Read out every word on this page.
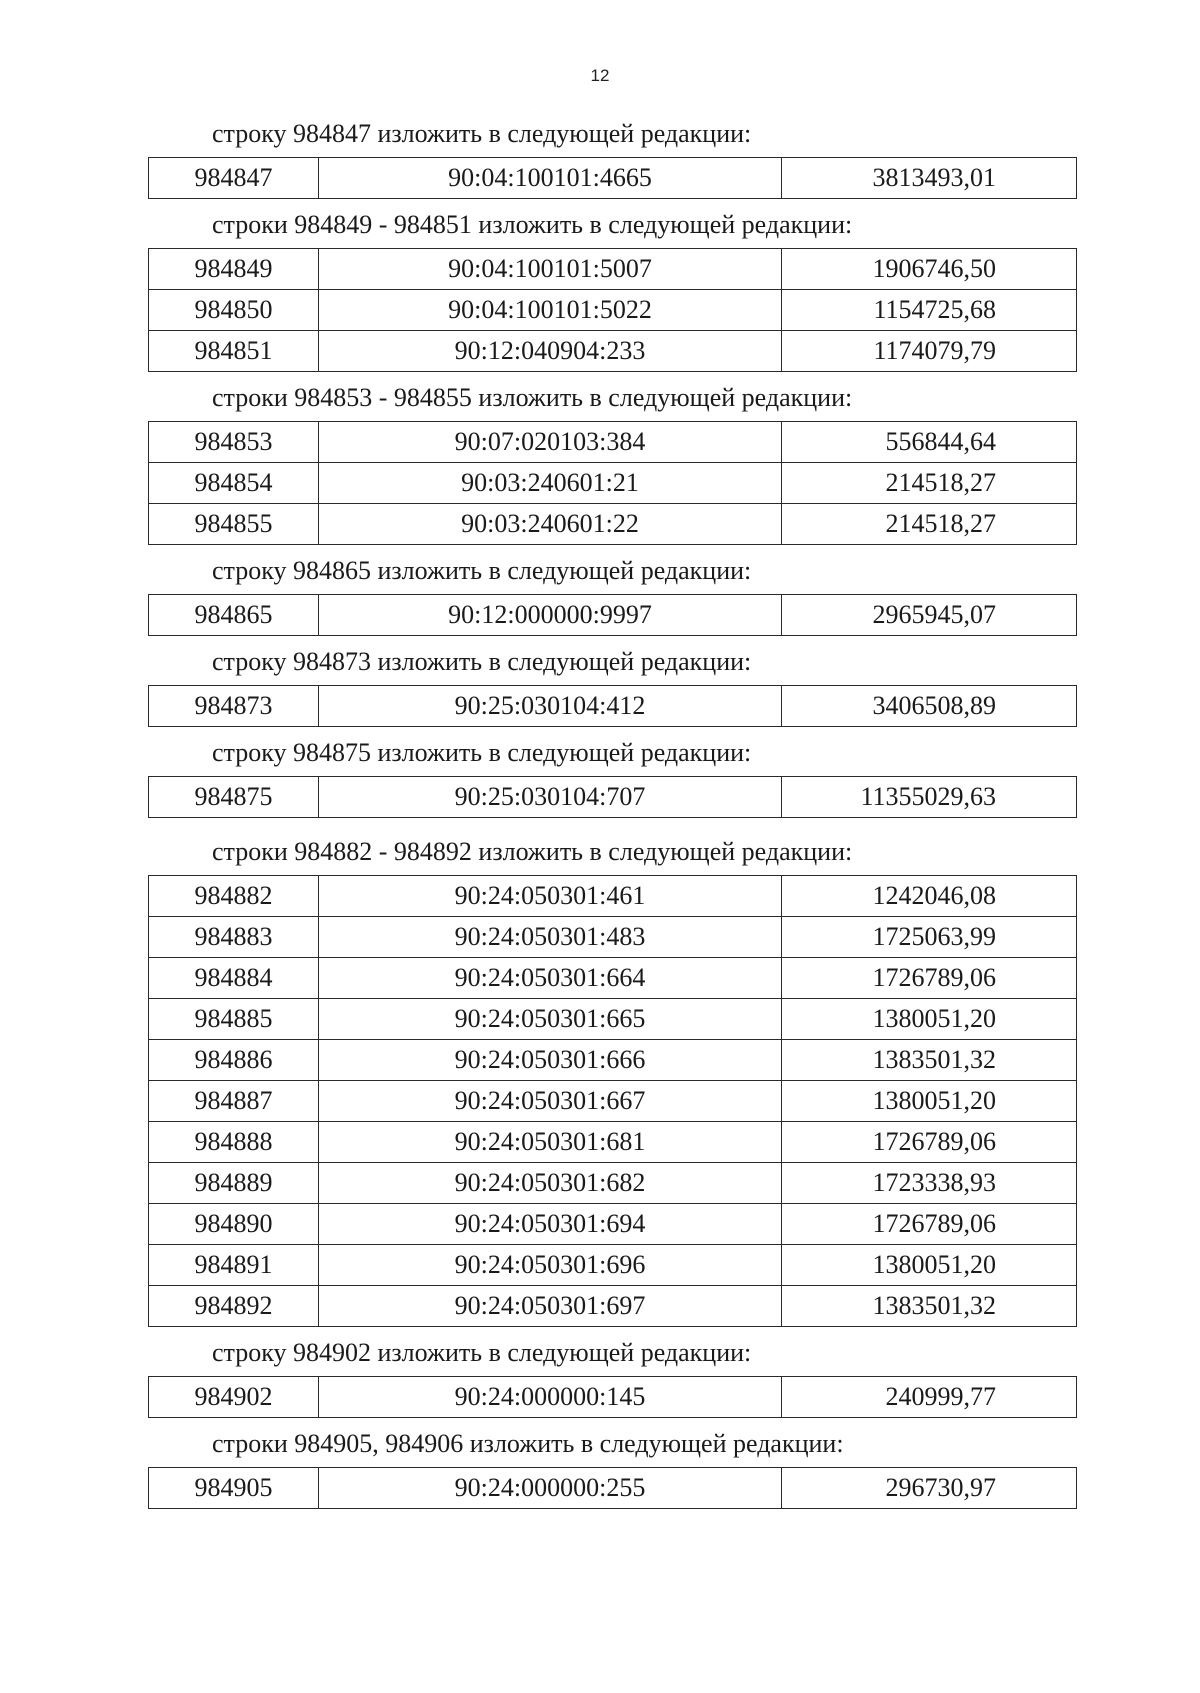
12

строку 984847 изложить в следующей редакции:

984847	90:04:100101:4665	3813493,01

строки 984849 - 984851 изложить в следующей редакции:

984849	90:04:100101:5007	1906746,50
984850	90:04:100101:5022	1154725,68
984851	90:12:040904:233	1174079,79

строки 984853 - 984855 изложить в следующей редакции:

984853	90:07:020103:384	556844,64
984854	90:03:240601:21	214518,27
984855	90:03:240601:22	214518,27

строку 984865 изложить в следующей редакции:

984865	90:12:000000:9997	2965945,07

строку 984873 изложить в следующей редакции:

984873	90:25:030104:412	3406508,89

строку 984875 изложить в следующей редакции:

984875	90:25:030104:707	11355029,63

строки 984882 - 984892 изложить в следующей редакции:

984882	90:24:050301:461	1242046,08
984883	90:24:050301:483	1725063,99
984884	90:24:050301:664	1726789,06
984885	90:24:050301:665	1380051,20
984886	90:24:050301:666	1383501,32
984887	90:24:050301:667	1380051,20
984888	90:24:050301:681	1726789,06
984889	90:24:050301:682	1723338,93
984890	90:24:050301:694	1726789,06
984891	90:24:050301:696	1380051,20
984892	90:24:050301:697	1383501,32

строку 984902 изложить в следующей редакции:

984902	90:24:000000:145	240999,77

строки 984905, 984906 изложить в следующей редакции:

984905	90:24:000000:255	296730,97
